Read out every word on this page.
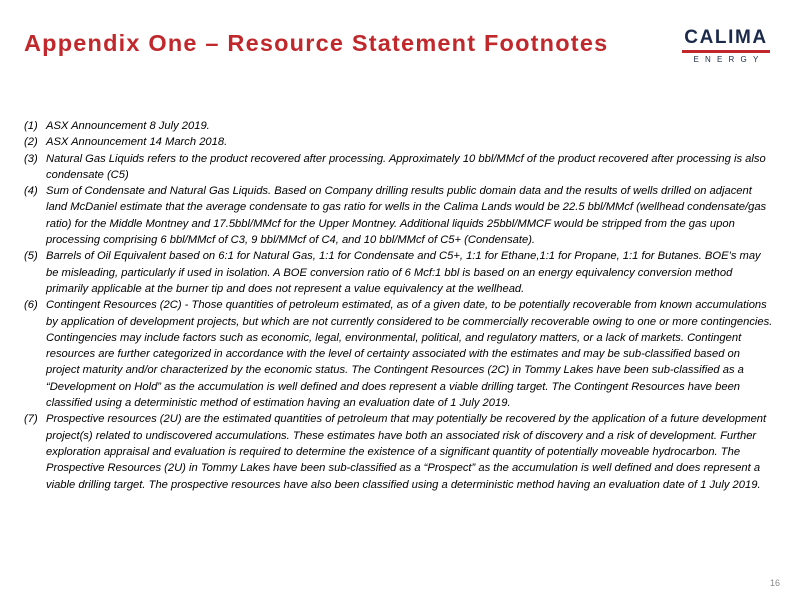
Appendix One – Resource Statement Footnotes	CALIMA
ENERGY
(1) ASX Announcement 8 July 2019.
(2) ASX Announcement 14 March 2018.
(3) Natural Gas Liquids refers to the product recovered after processing. Approximately 10 bbl/MMcf of the product recovered after processing is also condensate (C5)
(4) Sum of Condensate and Natural Gas Liquids. Based on Company drilling results public domain data and the results of wells drilled on adjacent land McDaniel estimate that the average condensate to gas ratio for wells in the Calima Lands would be 22.5 bbl/MMcf (wellhead condensate/gas ratio) for the Middle Montney and 17.5bbl/MMcf for the Upper Montney. Additional liquids 25bbl/MMCF would be stripped from the gas upon processing comprising 6 bbl/MMcf of C3, 9 bbl/MMcf of C4, and 10 bbl/MMcf of C5+ (Condensate).
(5) Barrels of Oil Equivalent based on 6:1 for Natural Gas, 1:1 for Condensate and C5+, 1:1 for Ethane,1:1 for Propane, 1:1 for Butanes. BOE’s may be misleading, particularly if used in isolation. A BOE conversion ratio of 6 Mcf:1 bbl is based on an energy equivalency conversion method primarily applicable at the burner tip and does not represent a value equivalency at the wellhead.
(6) Contingent Resources (2C) - Those quantities of petroleum estimated, as of a given date, to be potentially recoverable from known accumulations by application of development projects, but which are not currently considered to be commercially recoverable owing to one or more contingencies. Contingencies may include factors such as economic, legal, environmental, political, and regulatory matters, or a lack of markets. Contingent resources are further categorized in accordance with the level of certainty associated with the estimates and may be sub-classified based on project maturity and/or characterized by the economic status. The Contingent Resources (2C) in Tommy Lakes have been sub-classified as a “Development on Hold” as the accumulation is well defined and does represent a viable drilling target. The Contingent Resources have been classified using a deterministic method of estimation having an evaluation date of 1 July 2019.
(7) Prospective resources (2U) are the estimated quantities of petroleum that may potentially be recovered by the application of a future development project(s) related to undiscovered accumulations. These estimates have both an associated risk of discovery and a risk of development. Further exploration appraisal and evaluation is required to determine the existence of a significant quantity of potentially moveable hydrocarbon. The Prospective Resources (2U) in Tommy Lakes have been sub-classified as a “Prospect” as the accumulation is well defined and does represent a viable drilling target. The prospective resources have also been classified using a deterministic method having an evaluation date of 1 July 2019.
16
